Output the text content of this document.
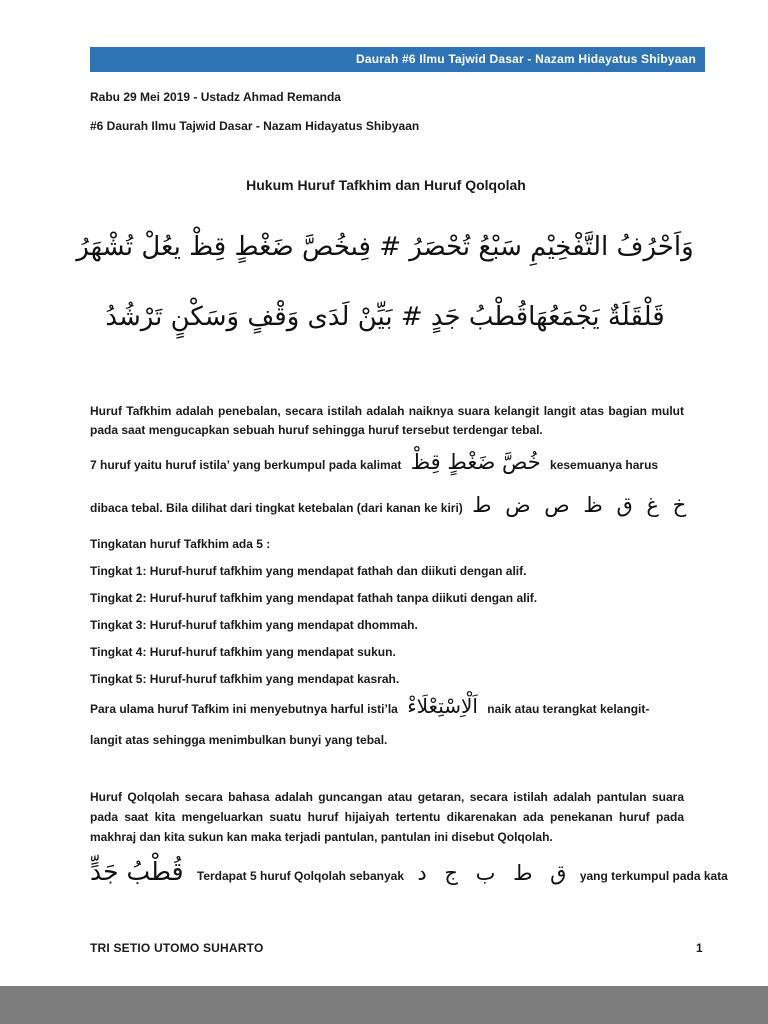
Daurah #6 Ilmu Tajwid Dasar - Nazam Hidayatus Shibyaan
Rabu 29 Mei 2019 - Ustadz Ahmad Remanda
#6 Daurah Ilmu Tajwid Dasar - Nazam Hidayatus Shibyaan
Hukum Huruf Tafkhim dan Huruf Qolqolah
وَاَحْرُفُ التَّفْخِيْمِ سَبْعُ تُحْصَرُ # فِىخُصَّ ضَغْطٍ قِظْ يعُلْ تُشْهَرُ
قَلْقَلَةٌ يَجْمَعُهَاقُطْبُ جَدٍ # بَيِّنْ لَدَى وَقْفٍ وَسَكْنٍ تَرْشُدُ
Huruf Tafkhim adalah penebalan, secara istilah adalah naiknya suara kelangit langit atas bagian mulut pada saat mengucapkan sebuah huruf sehingga huruf tersebut terdengar tebal.
7 huruf yaitu huruf istila’ yang berkumpul pada kalimat خُصَّ ضَغْطٍ قِظْ kesemuanya harus
dibaca tebal. Bila dilihat dari tingkat ketebalan (dari kanan ke kiri) خ غ ق ظ ص ض ط
Tingkatan huruf Tafkhim ada 5 :
Tingkat 1: Huruf-huruf tafkhim yang mendapat fathah dan diikuti dengan alif.
Tingkat 2: Huruf-huruf tafkhim yang mendapat fathah tanpa diikuti dengan alif.
Tingkat 3: Huruf-huruf tafkhim yang mendapat dhommah.
Tingkat 4: Huruf-huruf tafkhim yang mendapat sukun.
Tingkat 5: Huruf-huruf tafkhim yang mendapat kasrah.
Para ulama huruf Tafkim ini menyebutnya harful isti’la اَلْاِسْتِعْلَاءْ naik atau terangkat kelangit-
langit atas sehingga menimbulkan bunyi yang tebal.
Huruf Qolqolah secara bahasa adalah guncangan atau getaran, secara istilah adalah pantulan suara pada saat kita mengeluarkan suatu huruf hijaiyah tertentu dikarenakan ada penekanan huruf pada makhraj dan kita sukun kan maka terjadi pantulan, pantulan ini disebut Qolqolah.
قُطْبُ جَدٍّ Terdapat 5 huruf Qolqolah sebanyak ق ط ب ج د yang terkumpul pada kata
TRI SETIO UTOMO SUHARTO	1
